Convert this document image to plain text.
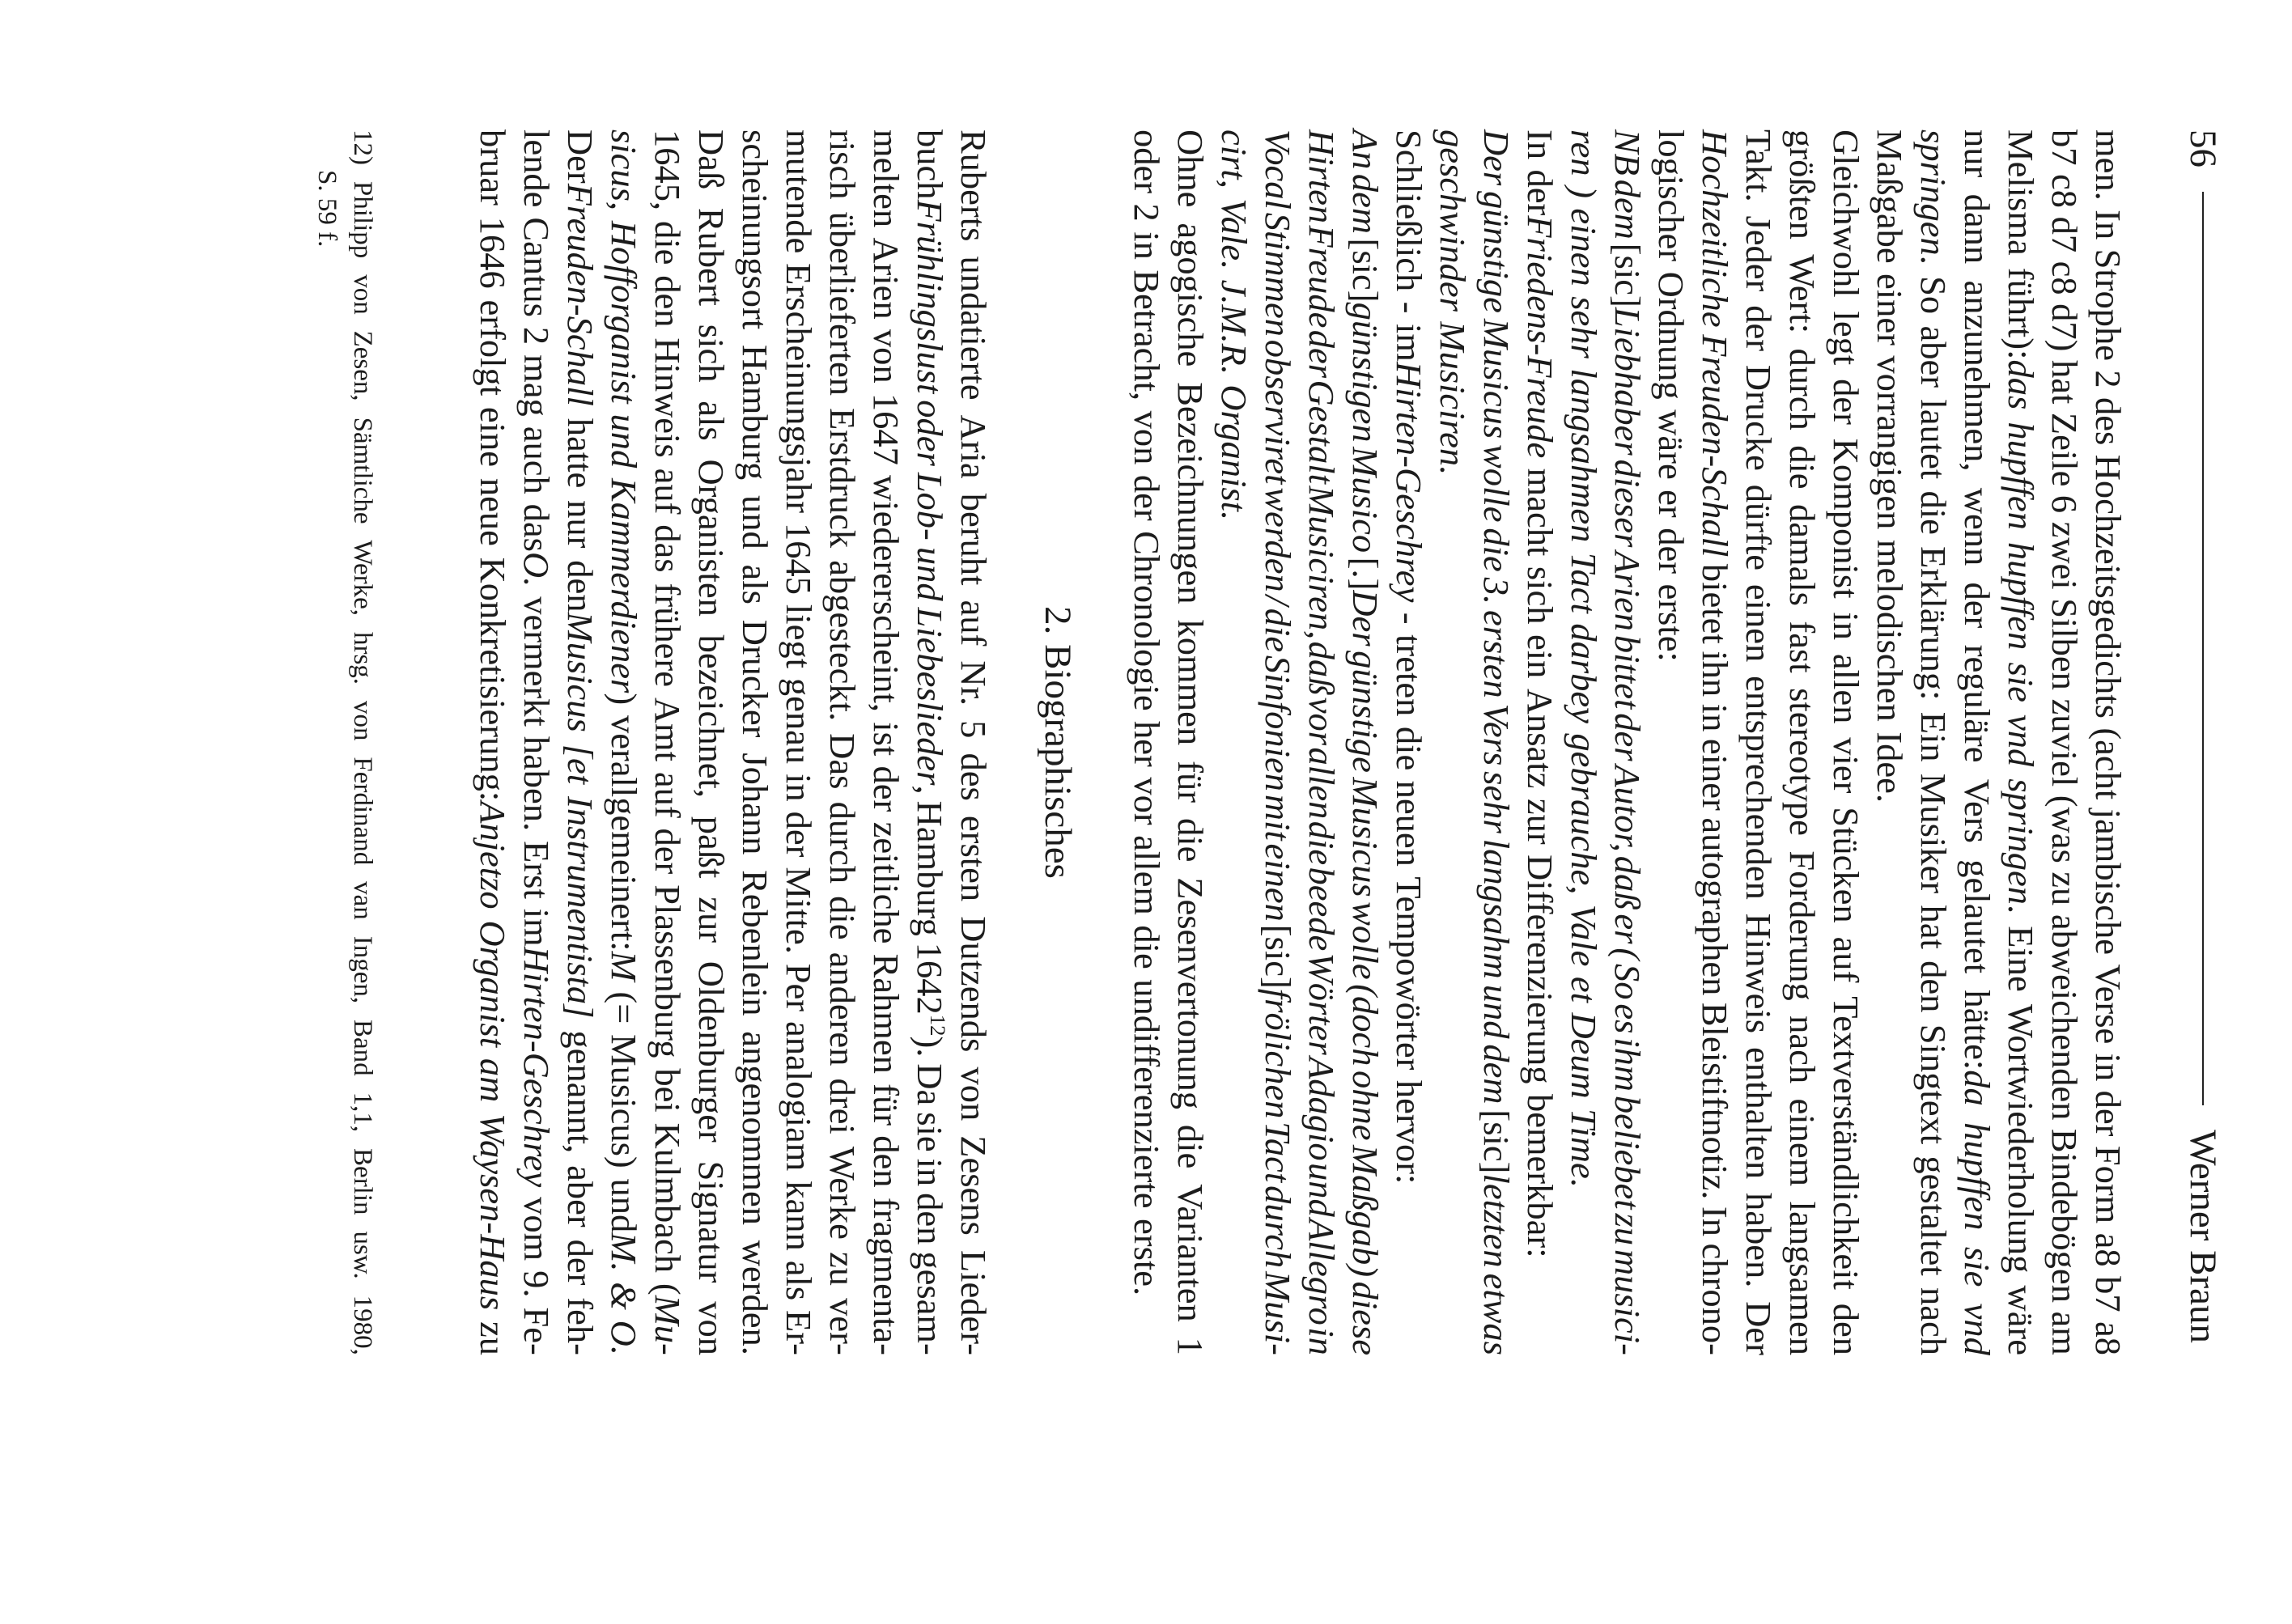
56
Werner Braun
men.
In
Strophe
2
des
Hochzeitsgedichts
(acht
jambische
Verse
in
der
Form
a8
b7
a8
b7
c8
d7
c8
d7)
hat
Zeile
6
zwei
Silben
zuviel
(was
zu
abweichenden
Bindebögen
am
Melisma
führt):das
hupffen
hupffen
sie
vnd
springen.
Eine
Wortwiederholung
wäre
nur
dann
anzunehmen,
wenn
der
reguläre
Vers
gelautet
hätte:da
hupffen
sie
vnd
springen.
So
aber
lautet
die
Erklärung:
Ein
Musiker
hat
den
Singtext
gestaltet
nach
Maßgabe
einer
vorrangigen
melodischen
Idee.
Gleichwohl
legt
der
Komponist
in
allen
vier
Stücken
auf
Textverständlichkeit
den
größten
Wert:
durch
die
damals
fast
stereotype
Forderung
nach
einem
langsamen
Takt.
Jeder
der
Drucke
dürfte
einen
entsprechenden
Hinweis
enthalten
haben.
Der
Hochzeitliche
Freuden-Schall
bietet
ihn
in
einer
autographen
Bleistiftnotiz.
In
chrono-
logischer
Ordnung
wäre
er
der
erste:
NB
dem
[sic]Liebhaber
dieser
Arien
bittet
der
Autor,
daß
er
(
So
es
ihm
beliebet
zu
musici-
ren
)
einen
sehr
langsahmen
Tact
darbey
gebrauche,
Vale
et
Deum
Time.
In
derFriedens-Freude
macht
sich
ein
Ansatz
zur
Differenzierung
bemerkbar:
Der
günstige
Musicus
wolle
die
3.
ersten
Vers
sehr
langsahm
und
dem
[sic]letzten
etwas
geschwinder
Musiciren.
Schließlich
-
imHirten-Geschrey
-
treten
die
neuen
Tempowörter
hervor:
An
dem
[sic]günstigen
Musico
[.]Der
günstige
Musicus
wolle
(doch
ohne
Maßgab)
diese
Hirten
Freude
der
Gestalt
Musiciren,
daß
vor
allen
die
beede
Wörter
Adagio
und
Allegro
in
Vocal
Stimmen
observiret
werden
/
die
Sinfonien
mit
einen
[sic]frölichen
Tact
durch
Musi-
cirt,
Vale.
J.M.R.
Organist.
Ohne
agogische
Bezeichnungen
kommen
für
die
Zesenvertonung
die
Varianten
1
oder
2
in
Betracht,
von
der
Chronologie
her
vor
allem
die
undifferenzierte
erste.
2. Biographisches
Ruberts
undatierte
Aria
beruht
auf
Nr.
5
des
ersten
Dutzends
von
Zesens
Lieder-
buchFrühlingslust
oder
Lob-
und
Liebeslieder,
Hamburg
1642$^{12}$).
Da
sie
in
den
gesam-
melten
Arien
von
1647
wiedererscheint,
ist
der
zeitliche
Rahmen
für
den
fragmenta-
risch
überlieferten
Erstdruck
abgesteckt.
Das
durch
die
anderen
drei
Werke
zu
ver-
mutende
Erscheinungsjahr
1645
liegt
genau
in
der
Mitte.
Per
analogiam
kann
als
Er-
scheinungsort
Hamburg
und
als
Drucker
Johann
Rebenlein
angenommen
werden.
Daß
Rubert
sich
als
Organisten
bezeichnet,
paßt
zur
Oldenburger
Signatur
von
1645,
die
den
Hinweis
auf
das
frühere
Amt
auf
der
Plassenburg
bei
Kulmbach
(Mu-
sicus,
Hofforganist
und
Kammerdiener)
verallgemeinert:M
(=
Musicus)
undM.
&
O.
DerFreuden-Schall
hatte
nur
denMusicus
[et
Instrumentista]
genannt,
aber
der
feh-
lende
Cantus
2
mag
auch
dasO.
vermerkt
haben.
Erst
imHirten-Geschrey
vom
9.
Fe-
bruar
1646
erfolgt
eine
neue
Konkretisierung:Anjetzo
Organist
am
Waysen-Haus
zu
12)
Philipp
von
Zesen,
Sämtliche
Werke,
hrsg.
von
Ferdinand
van
Ingen,
Band
1,1,
Berlin
usw.
1980,
S. 59 f.
